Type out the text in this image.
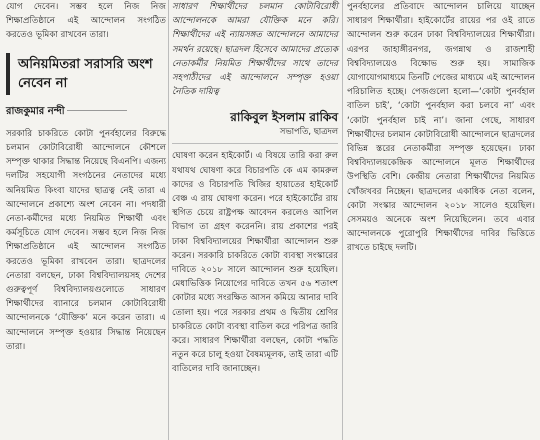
যোগ দেবেন। সম্ভব হলে নিজ নিজ শিক্ষাপ্রতিষ্ঠানে এই আন্দোলন সংগঠিত করতেও ভূমিকা রাখবেন তারা।

অনিয়মিতরা সরাসরি অংশ নেবেন না
রাজকুমার নন্দী

সরকারি চাকরিতে কোটা পুনর্বহালের বিরুদ্ধে চলমান কোটাবিরোধী আন্দোলনে কৌশলে সম্পৃক্ত থাকার সিদ্ধান্ত নিয়েছে বিএনপি। এজন্য দলটির সহযোগী সংগঠনের নেতাদের মধ্যে অনিয়মিত কিংবা যাদের ছাত্রত্ব নেই তারা এ আন্দোলনে প্রকাশ্যে অংশ নেবেন না। পদধারী নেতা-কর্মীদের মধ্যে নিয়মিত শিক্ষার্থী এবং কর্মসূচিতে যোগ দেবেন। সম্ভব হলে নিজ নিজ শিক্ষাপ্রতিষ্ঠানে এই আন্দোলন সংগঠিত করতেও ভূমিকা রাখবেন তারা। ছাত্রদলের নেতারা বলছেন, ঢাকা বিশ্ববিদ্যালয়সহ দেশের গুরুত্বপূর্ণ বিশ্ববিদ্যালয়গুলোতে সাধারণ শিক্ষার্থীদের ব্যানারে চলমান কোটাবিরোধী আন্দোলনকে ‘যৌক্তিক’ মনে করেন তারা। এ আন্দোলনে সম্পৃক্ত হওয়ার সিদ্ধান্ত নিয়েছেন তারা।

সাধারণ শিক্ষার্থীদের চলমান কোটাবিরোধী আন্দোলনকে আমরা যৌক্তিক মনে করি। শিক্ষার্থীদের এই ন্যায়সঙ্গত আন্দোলনে আমাদের সমর্থন রয়েছে। ছাত্রদল হিসেবে আমাদের প্রত্যেক নেতাকর্মীর নিয়মিত শিক্ষার্থীদের সাথে তাদের সহপাঠীদের এই আন্দোলনে সম্পৃক্ত হওয়া নৈতিক দায়িত্ব

রাকিবুল ইসলাম রাকিব
সভাপতি, ছাত্রদল

ঘোষণা করেন হাইকোর্ট। এ বিষয়ে তারি করা রুল যথাযথ ঘোষণা করে বিচারপতি কে এম কামরুল কাদের ও বিচারপতি খিজির হায়াতের হাইকোর্ট বেঞ্চ এ রায় ঘোষণা করেন। পরে হাইকোর্টের রায় স্থগিত চেয়ে রাষ্ট্রপক্ষ আবেদন করলেও আপিল বিভাগ তা গ্রহণ করেননি। রায় প্রকাশের পরই ঢাকা বিশ্ববিদ্যালয়ের শিক্ষার্থীরা আন্দোলন শুরু করেন। সরকারি চাকরিতে কোটা ব্যবস্থা সংস্কারের দাবিতে ২০১৮ সালে আন্দোলন শুরু হয়েছিল। মেধাভিত্তিক নিয়োগের দাবিতে তখন ৫৬ শতাংশ কোটার মধ্যে সংরক্ষিত আসন কমিয়ে আনার দাবি তোলা হয়। পরে সরকার প্রথম ও দ্বিতীয় শ্রেণির চাকরিতে কোটা ব্যবস্থা বাতিল করে পরিপত্র জারি করে। সাধারণ শিক্ষার্থীরা বলছেন, কোটা পদ্ধতি নতুন করে চালু হওয়া বৈষম্যমূলক, তাই তারা এটি বাতিলের দাবি জানাচ্ছেন।

পুনর্বহালের প্রতিবাদে আন্দোলন চালিয়ে যাচ্ছেন সাধারণ শিক্ষার্থীরা। হাইকোর্টের রায়ের পর ওই রাতে আন্দোলন শুরু করেন ঢাকা বিশ্ববিদ্যালয়ের শিক্ষার্থীরা। এরপর জাহাঙ্গীরনগর, জগন্নাথ ও রাজশাহী বিশ্ববিদ্যালয়েও বিক্ষোভ শুরু হয়। সামাজিক যোগাযোগমাধ্যমে তিনটি পেজের মাধ্যমে এই আন্দোলন পরিচালিত হচ্ছে। পেজগুলো হলো—‘কোটা পুনর্বহাল বাতিল চাই’, ‘কোটা পুনর্বহাল করা চলবে না’ এবং ‘কোটা পুনর্বহাল চাই না’। জানা গেছে, সাধারণ শিক্ষার্থীদের চলমান কোটাবিরোধী আন্দোলনে ছাত্রদলের বিভিন্ন স্তরের নেতাকর্মীরা সম্পৃক্ত হয়েছেন। ঢাকা বিশ্ববিদ্যালয়কেন্দ্রিক আন্দোলনে মূলত শিক্ষার্থীদের উপস্থিতি বেশি। কেন্দ্রীয় নেতারা শিক্ষার্থীদের নিয়মিত খোঁজখবর নিচ্ছেন। ছাত্রদলের একাধিক নেতা বলেন, কোটা সংস্কার আন্দোলন ২০১৮ সালেও হয়েছিল। সেসময়ও অনেকে অংশ নিয়েছিলেন। তবে এবার আন্দোলনকে পুরোপুরি শিক্ষার্থীদের দাবির ভিত্তিতে রাখতে চাইছে দলটি।
